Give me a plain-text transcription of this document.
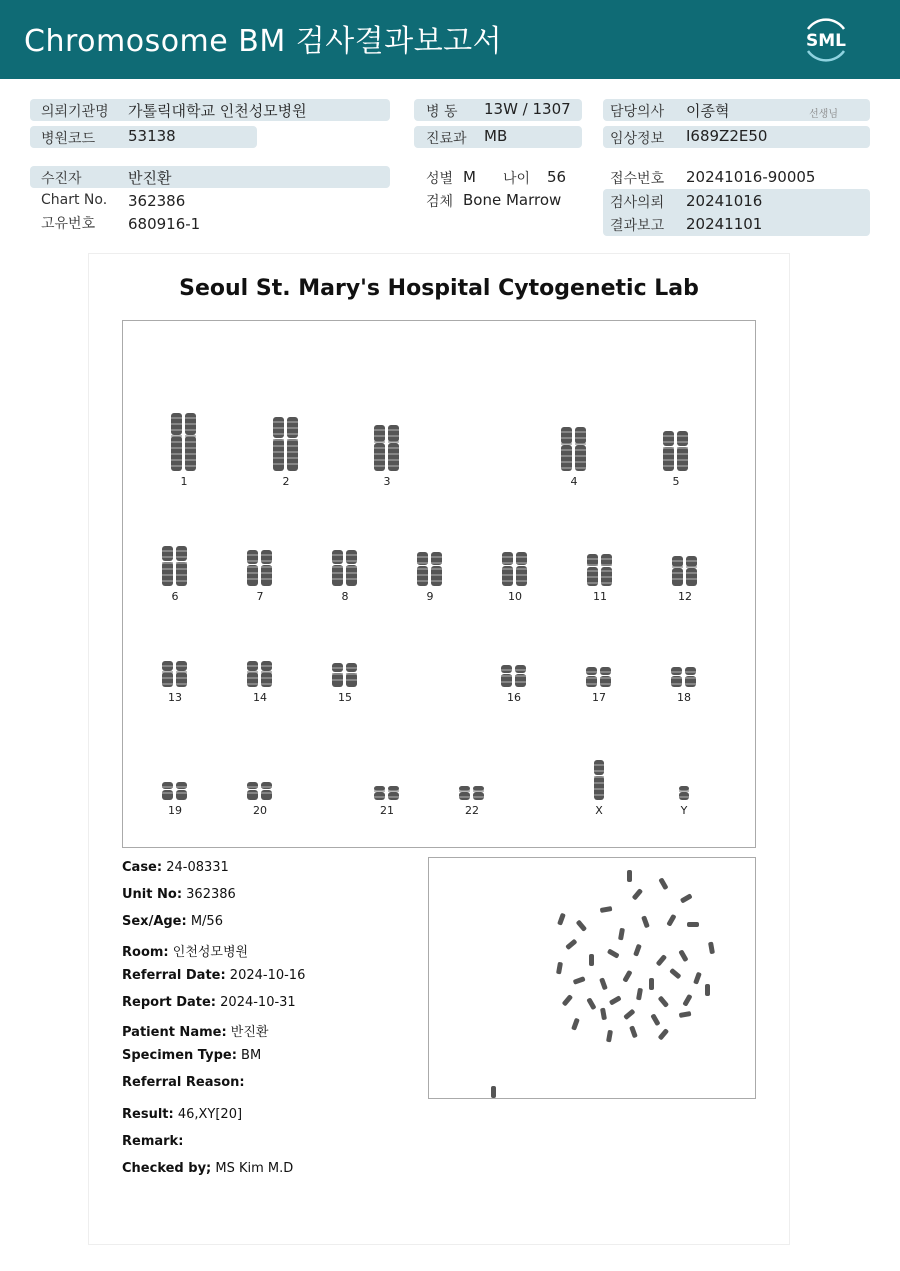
Chromosome BM 검사결과보고서	SML
의뢰기관명 가톨릭대학교 인천성모병원
병원코드 53138
병 동 13W / 1307
진료과 MB
담당의사 이종혁	선생님
임상정보 I689Z2E50
수진자	반진환
Chart No. 362386
고유번호 680916-1
성별 M 나이 56
검체 Bone Marrow
접수번호 20241016-90005
검사의뢰 20241016
결과보고 20241101
Seoul St. Mary's Hospital Cytogenetic Lab
1	2	3	4	5
6	7	8	9	10	11	12
13	14	15	16	17	18
19	20	21	22	X	Y
Case: 24-08331
Unit No: 362386
Sex/Age: M/56
Room: 인천성모병원
Referral Date: 2024-10-16
Report Date: 2024-10-31
Patient Name: 반진환
Specimen Type: BM
Referral Reason:
Result: 46,XY[20]
Remark:
Checked by; MS Kim M.D
